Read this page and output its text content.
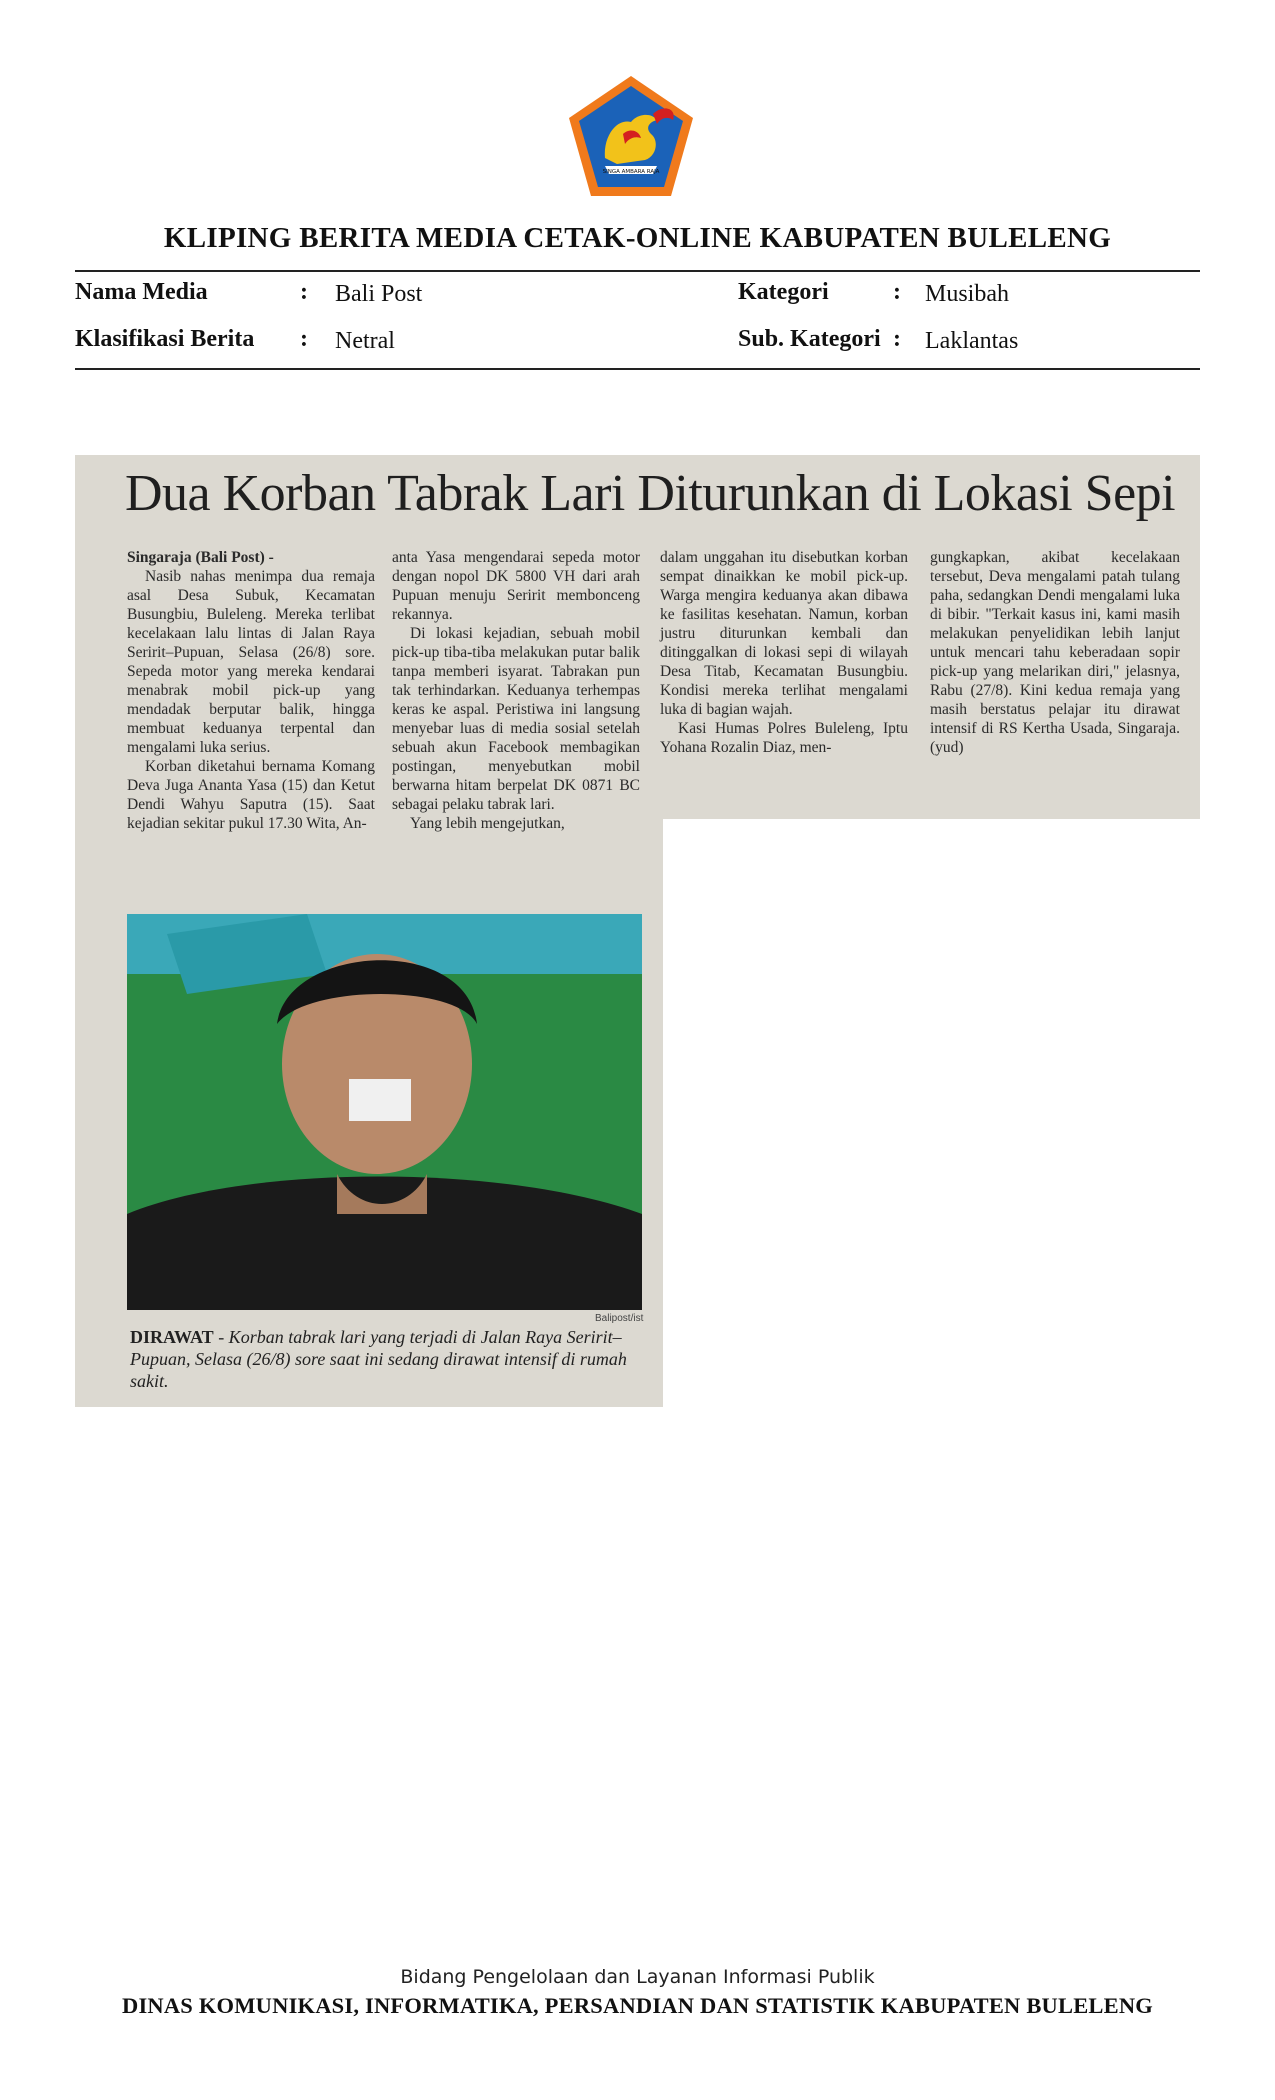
SINGA AMBARA RAJA
KLIPING BERITA MEDIA CETAK-ONLINE KABUPATEN BULELENG
Nama Media	: Bali Post	Kategori	: Musibah
Klasifikasi Berita : Netral	Sub. Kategori : Laklantas
Dua Korban Tabrak Lari Diturunkan di Lokasi Sepi

Singaraja (Bali Post) -

Nasib nahas menimpa dua remaja asal Desa Subuk, Kecamatan Busungbiu, Buleleng. Mereka terlibat kecelakaan lalu lintas di Jalan Raya Seririt–Pupuan, Selasa (26/8) sore. Sepeda motor yang mereka kendarai menabrak mobil pick-up yang mendadak berputar balik, hingga membuat keduanya terpental dan mengalami luka serius.

Korban diketahui bernama Komang Deva Juga Ananta Yasa (15) dan Ketut Dendi Wahyu Saputra (15). Saat kejadian sekitar pukul 17.30 Wita, An-

anta Yasa mengendarai sepeda motor dengan nopol DK 5800 VH dari arah Pupuan menuju Seririt membonceng rekannya.

Di lokasi kejadian, sebuah mobil pick-up tiba-tiba melakukan putar balik tanpa memberi isyarat. Tabrakan pun tak terhindarkan. Keduanya terhempas keras ke aspal. Peristiwa ini langsung menyebar luas di media sosial setelah sebuah akun Facebook membagikan postingan, menyebutkan mobil berwarna hitam berpelat DK 0871 BC sebagai pelaku tabrak lari.

Yang lebih mengejutkan,

dalam unggahan itu disebutkan korban sempat dinaikkan ke mobil pick-up. Warga mengira keduanya akan dibawa ke fasilitas kesehatan. Namun, korban justru diturunkan kembali dan ditinggalkan di lokasi sepi di wilayah Desa Titab, Kecamatan Busungbiu. Kondisi mereka terlihat mengalami luka di bagian wajah.

Kasi Humas Polres Buleleng, Iptu Yohana Rozalin Diaz, men-

gungkapkan, akibat kecelakaan tersebut, Deva mengalami patah tulang paha, sedangkan Dendi mengalami luka di bibir. "Terkait kasus ini, kami masih melakukan penyelidikan lebih lanjut untuk mencari tahu keberadaan sopir pick-up yang melarikan diri," jelasnya, Rabu (27/8). Kini kedua remaja yang masih berstatus pelajar itu dirawat intensif di RS Kertha Usada, Singaraja. (yud)

Balipost/ist
DIRAWAT - Korban tabrak lari yang terjadi di Jalan Raya Seririt–Pupuan, Selasa (26/8) sore saat ini sedang dirawat intensif di rumah sakit.
Bidang Pengelolaan dan Layanan Informasi Publik
DINAS KOMUNIKASI, INFORMATIKA, PERSANDIAN DAN STATISTIK KABUPATEN BULELENG
